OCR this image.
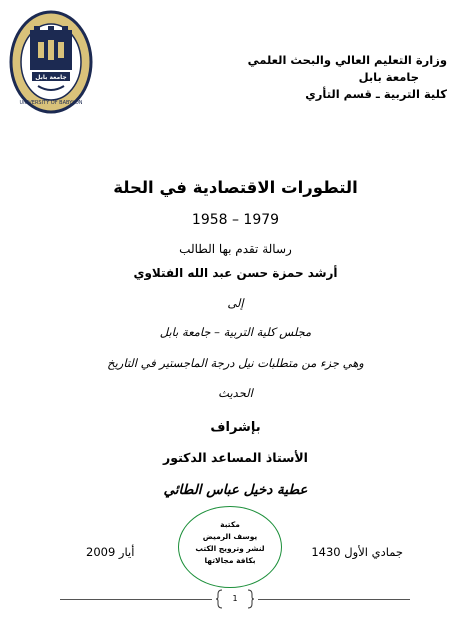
جامعة بابل
UNIVERSITY OF BABYLON
وزارة التعليم العالي والبحث العلمي
جامعة بابل
كلية التربية ـ قسم التأري
التطورات الاقتصادية في الحلة
1958 – 1979
رسالة تقدم بها الطالب
أرشد حمزة حسن عبد الله الفتلاوي
إلى
مجلس كلية التربية – جامعة بابل
وهي جزء من متطلبات نيل درجة الماجستير في التاريخ
الحديث
بإشراف
الأستاذ المساعد الدكتور
عطية دخيل عباس الطائي
جمادي الأول 1430
أيار 2009
مكتبة
يوسف الرميض
لنشر وترويج الكتب
بكافة مجالاتها
1
